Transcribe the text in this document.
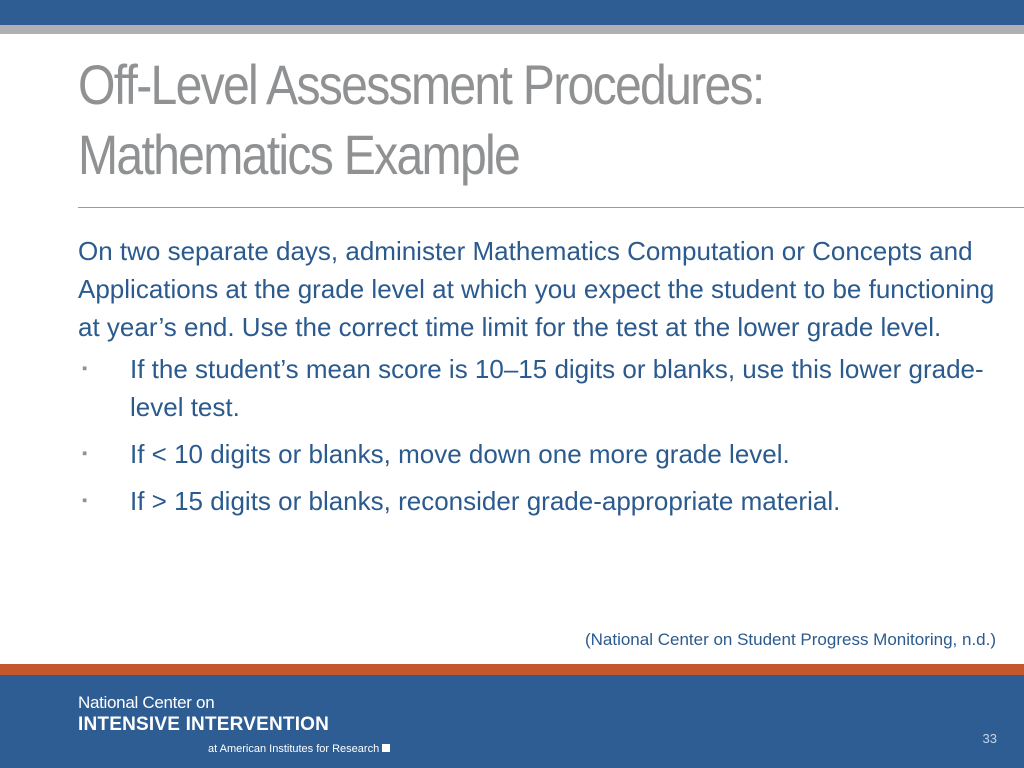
Off-Level Assessment Procedures:
Mathematics Example

On two separate days, administer Mathematics Computation or Concepts and Applications at the grade level at which you expect the student to be functioning at year’s end. Use the correct time limit for the test at the lower grade level.

▪	If the student’s mean score is 10–15 digits or blanks, use this lower grade-level test.
▪	If < 10 digits or blanks, move down one more grade level.
▪	If > 15 digits or blanks, reconsider grade-appropriate material.
(National Center on Student Progress Monitoring, n.d.)
National Center on
INTENSIVE INTERVENTION
at American Institutes for Research
33
